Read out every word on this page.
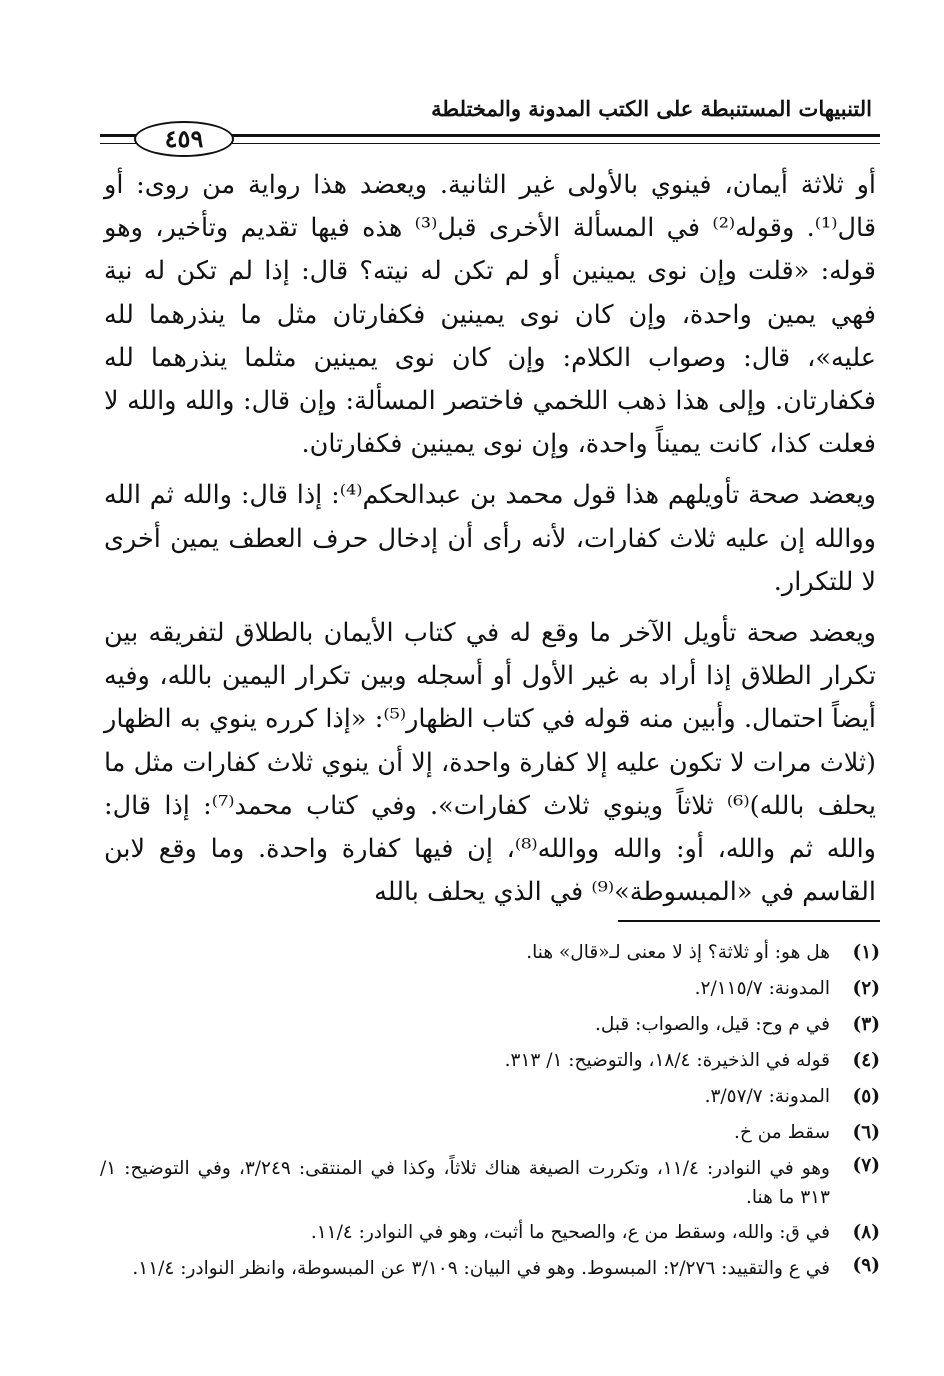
التنبيهات المستنبطة على الكتب المدونة والمختلطة
٤٥٩

أو ثلاثة أيمان، فينوي بالأولى غير الثانية. ويعضد هذا رواية من روى: أو قال⁽¹⁾. وقوله⁽²⁾ في المسألة الأخرى قبل⁽³⁾ هذه فيها تقديم وتأخير، وهو قوله: «قلت وإن نوى يمينين أو لم تكن له نيته؟ قال: إذا لم تكن له نية فهي يمين واحدة، وإن كان نوى يمينين فكفارتان مثل ما ينذرهما لله عليه»، قال: وصواب الكلام: وإن كان نوى يمينين مثلما ينذرهما لله فكفارتان. وإلى هذا ذهب اللخمي فاختصر المسألة: وإن قال: والله والله لا فعلت كذا، كانت يميناً واحدة، وإن نوى يمينين فكفارتان.

ويعضد صحة تأويلهم هذا قول محمد بن عبدالحكم⁽⁴⁾: إذا قال: والله ثم الله ووالله إن عليه ثلاث كفارات، لأنه رأى أن إدخال حرف العطف يمين أخرى لا للتكرار.

ويعضد صحة تأويل الآخر ما وقع له في كتاب الأيمان بالطلاق لتفريقه بين تكرار الطلاق إذا أراد به غير الأول أو أسجله وبين تكرار اليمين بالله، وفيه أيضاً احتمال. وأبين منه قوله في كتاب الظهار⁽⁵⁾: «إذا كرره ينوي به الظهار (ثلاث مرات لا تكون عليه إلا كفارة واحدة، إلا أن ينوي ثلاث كفارات مثل ما يحلف بالله)⁽⁶⁾ ثلاثاً وينوي ثلاث كفارات». وفي كتاب محمد⁽⁷⁾: إذا قال: والله ثم والله، أو: والله ووالله⁽⁸⁾، إن فيها كفارة واحدة. وما وقع لابن القاسم في «المبسوطة»⁽⁹⁾ في الذي يحلف بالله

(١)
هل هو: أو ثلاثة؟ إذ لا معنى لـ«قال» هنا.
(٢)
المدونة: ٢/١١٥/٧.
(٣)
في م وح: قيل، والصواب: قبل.
(٤)
قوله في الذخيرة: ١٨/٤، والتوضيح: ١/ ٣١٣.
(٥)
المدونة: ٣/٥٧/٧.
(٦)
سقط من خ.
(٧)
وهو في النوادر: ١١/٤، وتكررت الصيغة هناك ثلاثاً، وكذا في المنتقى: ٣/٢٤٩، وفي التوضيح: ١/ ٣١٣ ما هنا.
(٨)
في ق: والله، وسقط من ع، والصحيح ما أثبت، وهو في النوادر: ١١/٤.
(٩)
في ع والتقييد: ٢/٢٧٦: المبسوط. وهو في البيان: ٣/١٠٩ عن المبسوطة، وانظر النوادر: ١١/٤.
